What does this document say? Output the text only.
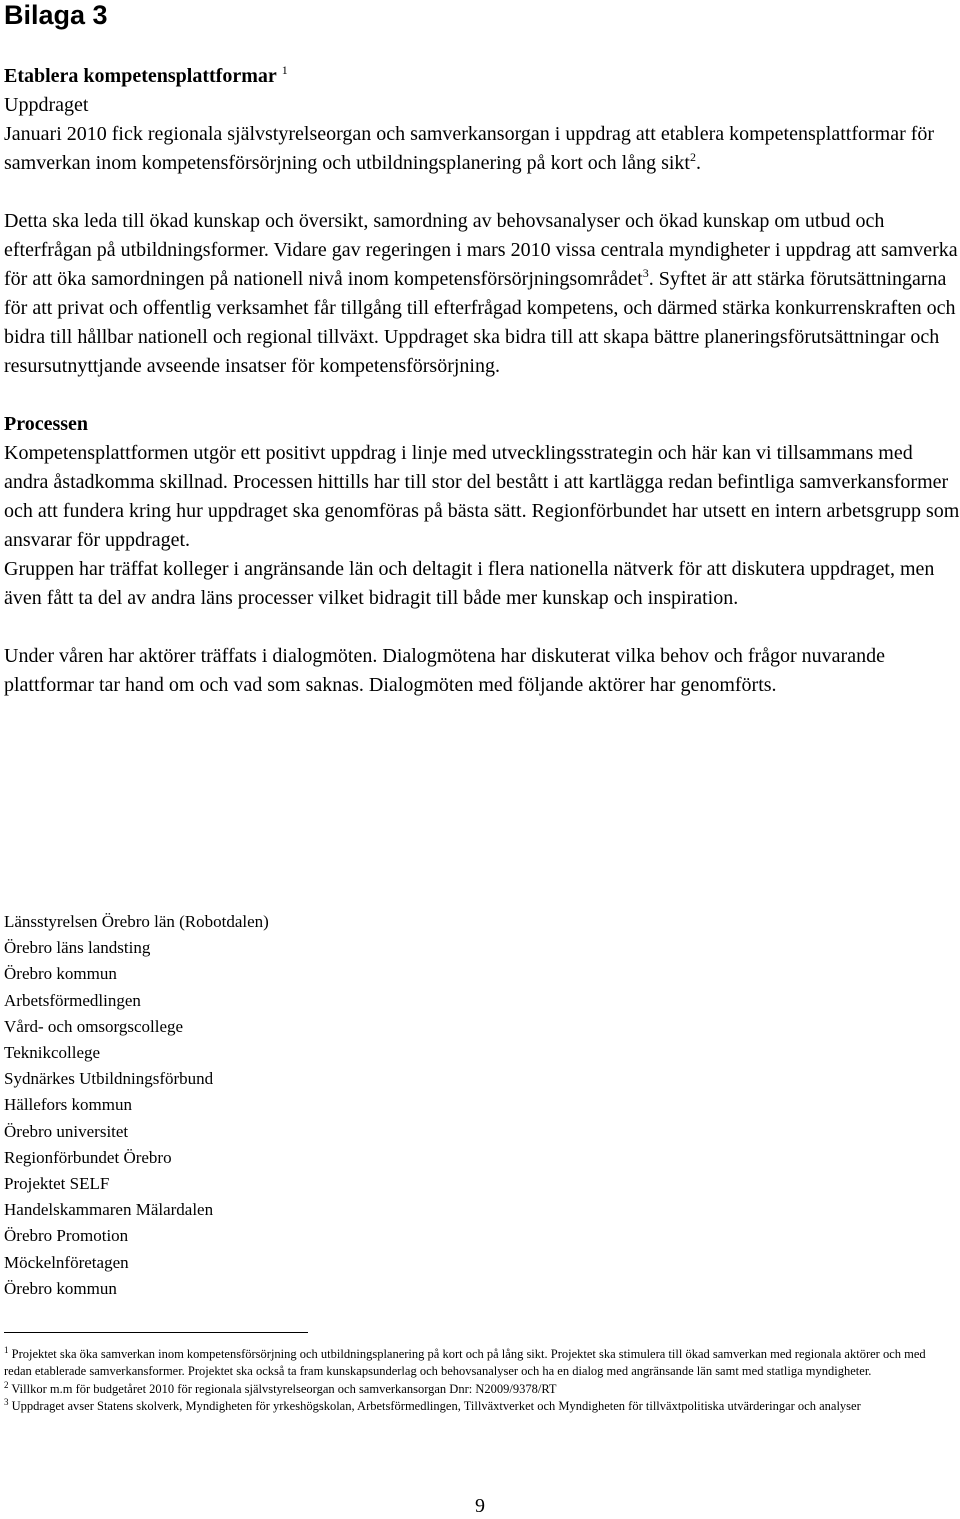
Bilaga 3

Etablera kompetensplattformar $^1$

Uppdraget

Januari 2010 fick regionala självstyrelseorgan och samverkansorgan i uppdrag att etablera kompetensplattformar för samverkan inom kompetensförsörjning och utbildningsplanering på kort och lång sikt$^2$.

Detta ska leda till ökad kunskap och översikt, samordning av behovsanalyser och ökad kunskap om utbud och efterfrågan på utbildningsformer. Vidare gav regeringen i mars 2010 vissa centrala myndigheter i uppdrag att samverka för att öka samordningen på nationell nivå inom kompetensförsörjningsområdet$^3$. Syftet är att stärka förutsättningarna för att privat och offentlig verksamhet får tillgång till efterfrågad kompetens, och därmed stärka konkurrenskraften och bidra till hållbar nationell och regional tillväxt. Uppdraget ska bidra till att skapa bättre planeringsförutsättningar och resursutnyttjande avseende insatser för kompetensförsörjning.

Processen

Kompetensplattformen utgör ett positivt uppdrag i linje med utvecklingsstrategin och här kan vi tillsammans med andra åstadkomma skillnad. Processen hittills har till stor del bestått i att kartlägga redan befintliga samverkansformer och att fundera kring hur uppdraget ska genomföras på bästa sätt. Regionförbundet har utsett en intern arbetsgrupp som ansvarar för uppdraget.

Gruppen har träffat kolleger i angränsande län och deltagit i flera nationella nätverk för att diskutera uppdraget, men även fått ta del av andra läns processer vilket bidragit till både mer kunskap och inspiration.

Under våren har aktörer träffats i dialogmöten. Dialogmötena har diskuterat vilka behov och frågor nuvarande plattformar tar hand om och vad som saknas. Dialogmöten med följande aktörer har genomförts.

Länsstyrelsen Örebro län (Robotdalen)
Örebro läns landsting
Örebro kommun
Arbetsförmedlingen
Vård- och omsorgscollege
Teknikcollege
Sydnärkes Utbildningsförbund
Hällefors kommun
Örebro universitet
Regionförbundet Örebro
Projektet SELF
Handelskammaren Mälardalen
Örebro Promotion
Möckelnföretagen
Örebro kommun

$^1$ Projektet ska öka samverkan inom kompetensförsörjning och utbildningsplanering på kort och på lång sikt. Projektet ska stimulera till ökad samverkan med regionala aktörer och med redan etablerade samverkansformer. Projektet ska också ta fram kunskapsunderlag och behovsanalyser och ha en dialog med angränsande län samt med statliga myndigheter.

$^2$ Villkor m.m för budgetåret 2010 för regionala självstyrelseorgan och samverkansorgan Dnr: N2009/9378/RT

$^3$ Uppdraget avser Statens skolverk, Myndigheten för yrkeshögskolan, Arbetsförmedlingen, Tillväxtverket och Myndigheten för tillväxtpolitiska utvärderingar och analyser

9
